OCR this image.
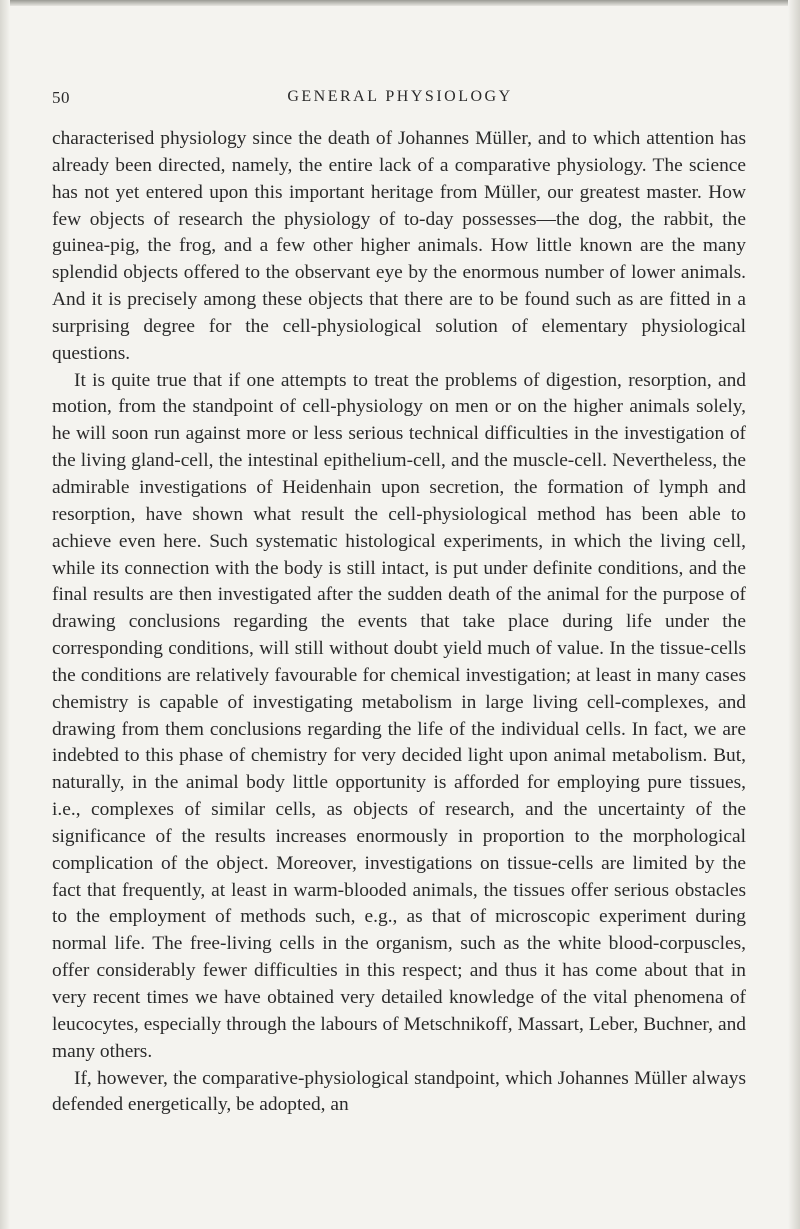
50	GENERAL PHYSIOLOGY

characterised physiology since the death of Johannes Müller, and to which attention has already been directed, namely, the entire lack of a comparative physiology. The science has not yet entered upon this important heritage from Müller, our greatest master. How few objects of research the physiology of to-day possesses—the dog, the rabbit, the guinea-pig, the frog, and a few other higher animals. How little known are the many splendid objects offered to the observant eye by the enormous number of lower animals. And it is precisely among these objects that there are to be found such as are fitted in a surprising degree for the cell-physiological solution of elementary physiological questions.

It is quite true that if one attempts to treat the problems of digestion, resorption, and motion, from the standpoint of cell-physiology on men or on the higher animals solely, he will soon run against more or less serious technical difficulties in the investigation of the living gland-cell, the intestinal epithelium-cell, and the muscle-cell. Nevertheless, the admirable investigations of Heidenhain upon secretion, the formation of lymph and resorption, have shown what result the cell-physiological method has been able to achieve even here. Such systematic histological experiments, in which the living cell, while its connection with the body is still intact, is put under definite conditions, and the final results are then investigated after the sudden death of the animal for the purpose of drawing conclusions regarding the events that take place during life under the corresponding conditions, will still without doubt yield much of value. In the tissue-cells the conditions are relatively favourable for chemical investigation; at least in many cases chemistry is capable of investigating metabolism in large living cell-complexes, and drawing from them conclusions regarding the life of the individual cells. In fact, we are indebted to this phase of chemistry for very decided light upon animal metabolism. But, naturally, in the animal body little opportunity is afforded for employing pure tissues, i.e., complexes of similar cells, as objects of research, and the uncertainty of the significance of the results increases enormously in proportion to the morphological complication of the object. Moreover, investigations on tissue-cells are limited by the fact that frequently, at least in warm-blooded animals, the tissues offer serious obstacles to the employment of methods such, e.g., as that of microscopic experiment during normal life. The free-living cells in the organism, such as the white blood-corpuscles, offer considerably fewer difficulties in this respect; and thus it has come about that in very recent times we have obtained very detailed knowledge of the vital phenomena of leucocytes, especially through the labours of Metschnikoff, Massart, Leber, Buchner, and many others.

If, however, the comparative-physiological standpoint, which Johannes Müller always defended energetically, be adopted, an
